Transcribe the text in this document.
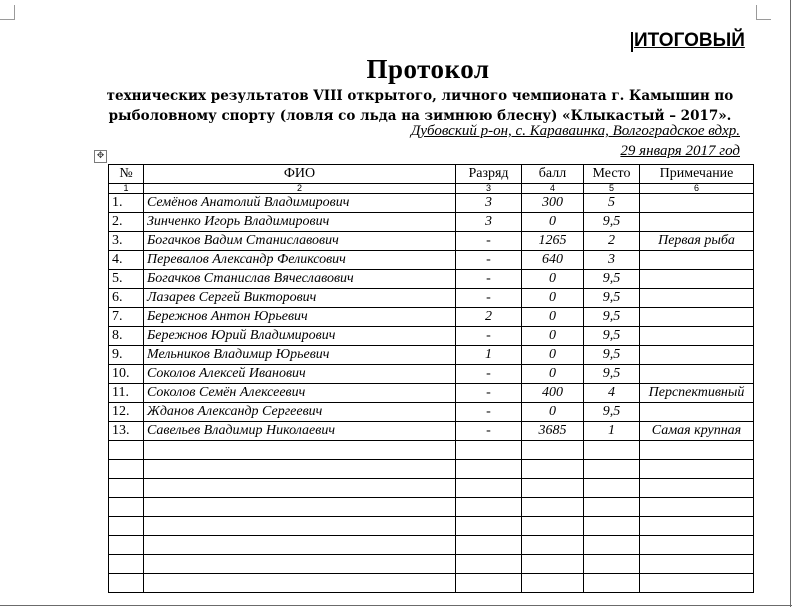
ИТОГОВЫЙ
Протокол
технических результатов VIII открытого, личного чемпионата г. Камышин по рыболовному спорту (ловля со льда на зимнюю блесну) «Клыкастый – 2017».
Дубовский р-он, с. Караваинка, Волгоградское вдхр.
29 января 2017 год
✥
№	ФИО	Разряд	балл	Место	Примечание
1	2	3	4	5	6
1.	Семёнов Анатолий Владимирович	3	300	5	
2.	Зинченко Игорь Владимирович	3	0	9,5	
3.	Богачков Вадим Станиславович	-	1265	2	Первая рыба
4.	Перевалов Александр Феликсович	-	640	3	
5.	Богачков Станислав Вячеславович	-	0	9,5	
6.	Лазарев Сергей Викторович	-	0	9,5	
7.	Бережнов Антон Юрьевич	2	0	9,5	
8.	Бережнов Юрий Владимирович	-	0	9,5	
9.	Мельников Владимир Юрьевич	1	0	9,5	
10.	Соколов Алексей Иванович	-	0	9,5	
11.	Соколов Семён Алексеевич	-	400	4	Перспективный
12.	Жданов Александр Сергеевич	-	0	9,5	
13.	Савельев Владимир Николаевич	-	3685	1	Самая крупная
